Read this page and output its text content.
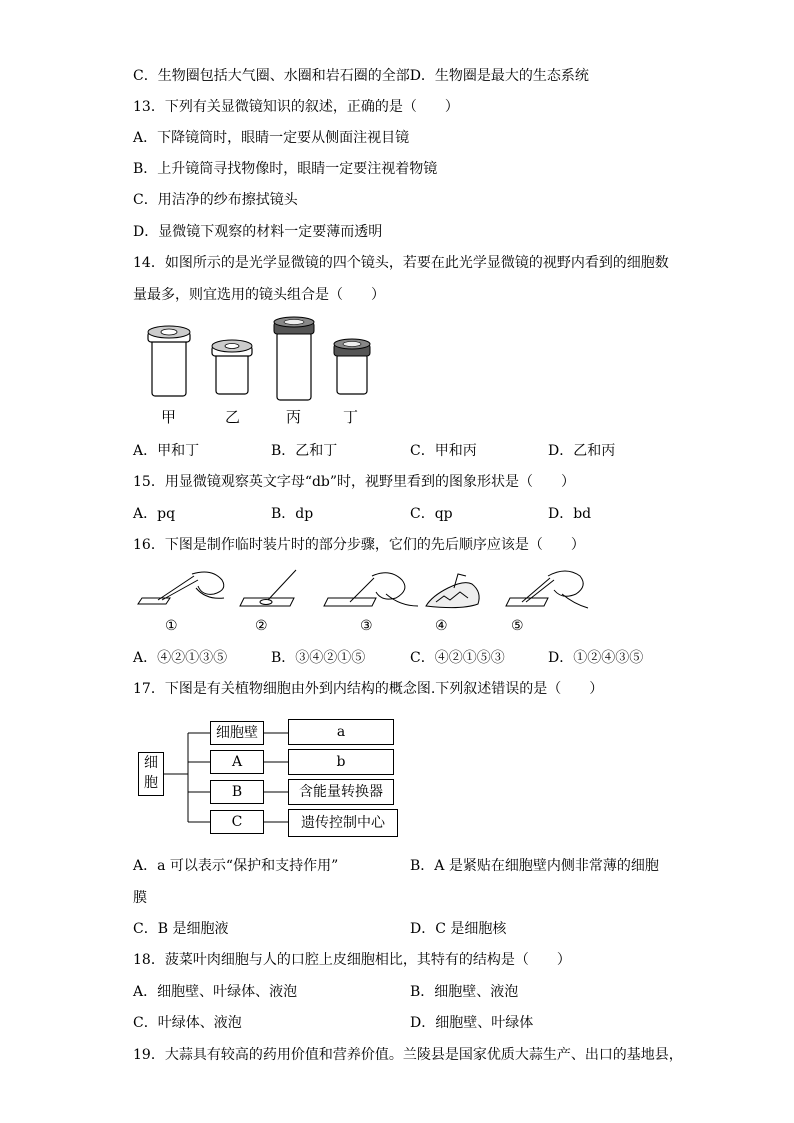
C．生物圈包括大气圈、水圈和岩石圈的全部D．生物圈是最大的生态系统
13．下列有关显微镜知识的叙述，正确的是（　　）
A．下降镜筒时，眼睛一定要从侧面注视目镜
B．上升镜筒寻找物像时，眼睛一定要注视着物镜
C．用洁净的纱布擦拭镜头
D．显微镜下观察的材料一定要薄而透明
14．如图所示的是光学显微镜的四个镜头，若要在此光学显微镜的视野内看到的细胞数
量最多，则宜选用的镜头组合是（　　）
甲	乙	丙	丁
A．甲和丁	B．乙和丁	C．甲和丙	D．乙和丙
15．用显微镜观察英文字母“db”时，视野里看到的图象形状是（　　）
A．pq	B．dp	C．qp	D．bd
16．下图是制作临时装片时的部分步骤，它们的先后顺序应该是（　　）
①	②	③	④	⑤
A．④②①③⑤	B．③④②①⑤	C．④②①⑤③	D．①②④③⑤
17．下图是有关植物细胞由外到内结构的概念图.下列叙述错误的是（　　）
细胞
细胞壁
A
B
C
a
b
含能量转换器
遗传控制中心
A．a 可以表示“保护和支持作用”	B．A 是紧贴在细胞壁内侧非常薄的细胞
膜
C．B 是细胞液	D．C 是细胞核
18．菠菜叶肉细胞与人的口腔上皮细胞相比，其特有的结构是（　　）
A．细胞壁、叶绿体、液泡	B．细胞壁、液泡
C．叶绿体、液泡	D．细胞壁、叶绿体
19．大蒜具有较高的药用价值和营养价值。兰陵县是国家优质大蒜生产、出口的基地县，
